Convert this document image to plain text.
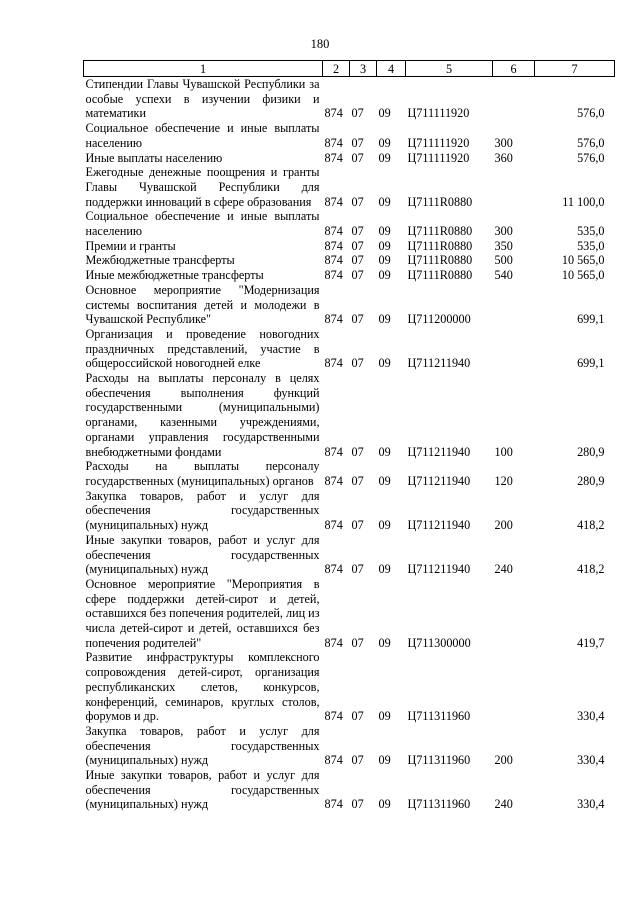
180
1	2	3	4	5	6	7
Стипендии Главы Чувашской Республики за особые успехи в изучении физики и математики	874	07	09	Ц711111920		576,0
Социальное обеспечение и иные выплаты населению	874	07	09	Ц711111920	300	576,0
Иные выплаты населению	874	07	09	Ц711111920	360	576,0
Ежегодные денежные поощрения и гранты Главы Чувашской Республики для поддержки инноваций в сфере образования	874	07	09	Ц7111R0880		11 100,0
Социальное обеспечение и иные выплаты населению	874	07	09	Ц7111R0880	300	535,0
Премии и гранты	874	07	09	Ц7111R0880	350	535,0
Межбюджетные трансферты	874	07	09	Ц7111R0880	500	10 565,0
Иные межбюджетные трансферты	874	07	09	Ц7111R0880	540	10 565,0
Основное мероприятие "Модернизация системы воспитания детей и молодежи в Чувашской Республике"	874	07	09	Ц711200000		699,1
Организация и проведение новогодних праздничных представлений, участие в общероссийской новогодней елке	874	07	09	Ц711211940		699,1
Расходы на выплаты персоналу в целях обеспечения выполнения функций государственными (муниципальными) органами, казенными учреждениями, органами управления государственными внебюджетными фондами	874	07	09	Ц711211940	100	280,9
Расходы на выплаты персоналу государственных (муниципальных) органов	874	07	09	Ц711211940	120	280,9
Закупка товаров, работ и услуг для обеспечения государственных (муниципальных) нужд	874	07	09	Ц711211940	200	418,2
Иные закупки товаров, работ и услуг для обеспечения государственных (муниципальных) нужд	874	07	09	Ц711211940	240	418,2
Основное мероприятие "Мероприятия в сфере поддержки детей-сирот и детей, оставшихся без попечения родителей, лиц из числа детей-сирот и детей, оставшихся без попечения родителей"	874	07	09	Ц711300000		419,7
Развитие инфраструктуры комплексного сопровождения детей-сирот, организация республиканских слетов, конкурсов, конференций, семинаров, круглых столов, форумов и др.	874	07	09	Ц711311960		330,4
Закупка товаров, работ и услуг для обеспечения государственных (муниципальных) нужд	874	07	09	Ц711311960	200	330,4
Иные закупки товаров, работ и услуг для обеспечения государственных (муниципальных) нужд	874	07	09	Ц711311960	240	330,4
